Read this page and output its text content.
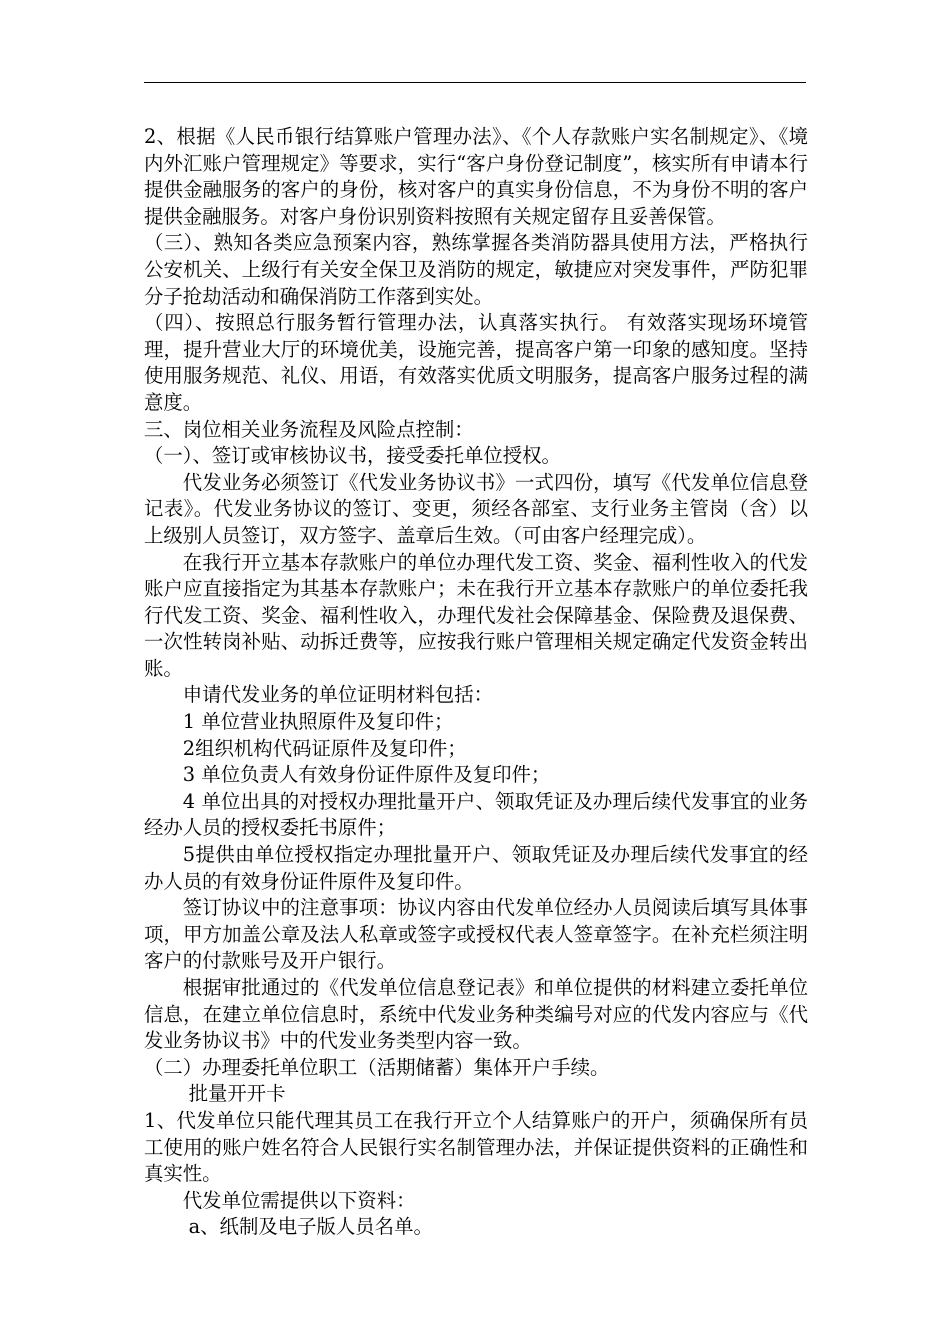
2、根据《人民币银行结算账户管理办法》、《个人存款账户实名制规定》、《境内外汇账户管理规定》等要求，实行“客户身份登记制度”，核实所有申请本行提供金融服务的客户的身份，核对客户的真实身份信息，不为身份不明的客户提供金融服务。对客户身份识别资料按照有关规定留存且妥善保管。

（三）、熟知各类应急预案内容，熟练掌握各类消防器具使用方法，严格执行公安机关、上级行有关安全保卫及消防的规定，敏捷应对突发事件，严防犯罪分子抢劫活动和确保消防工作落到实处。

（四）、按照总行服务暂行管理办法，认真落实执行。 有效落实现场环境管理，提升营业大厅的环境优美，设施完善，提高客户第一印象的感知度。坚持使用服务规范、礼仪、用语，有效落实优质文明服务，提高客户服务过程的满意度。

三、岗位相关业务流程及风险点控制：

（一）、签订或审核协议书，接受委托单位授权。

代发业务必须签订《代发业务协议书》一式四份，填写《代发单位信息登记表》。代发业务协议的签订、变更，须经各部室、支行业务主管岗（含）以上级别人员签订，双方签字、盖章后生效。（可由客户经理完成）。

在我行开立基本存款账户的单位办理代发工资、奖金、福利性收入的代发账户应直接指定为其基本存款账户；未在我行开立基本存款账户的单位委托我行代发工资、奖金、福利性收入，办理代发社会保障基金、保险费及退保费、一次性转岗补贴、动拆迁费等，应按我行账户管理相关规定确定代发资金转出账。

申请代发业务的单位证明材料包括：

1 单位营业执照原件及复印件；

2组织机构代码证原件及复印件；

3 单位负责人有效身份证件原件及复印件；

4 单位出具的对授权办理批量开户、领取凭证及办理后续代发事宜的业务经办人员的授权委托书原件；

5提供由单位授权指定办理批量开户、领取凭证及办理后续代发事宜的经办人员的有效身份证件原件及复印件。

签订协议中的注意事项：协议内容由代发单位经办人员阅读后填写具体事项，甲方加盖公章及法人私章或签字或授权代表人签章签字。在补充栏须注明客户的付款账号及开户银行。

根据审批通过的《代发单位信息登记表》和单位提供的材料建立委托单位信息，在建立单位信息时，系统中代发业务种类编号对应的代发内容应与《代发业务协议书》中的代发业务类型内容一致。

（二）办理委托单位职工（活期储蓄）集体开户手续。

批量开开卡

1、代发单位只能代理其员工在我行开立个人结算账户的开户，须确保所有员工使用的账户姓名符合人民银行实名制管理办法，并保证提供资料的正确性和真实性。

代发单位需提供以下资料：

a、纸制及电子版人员名单。
